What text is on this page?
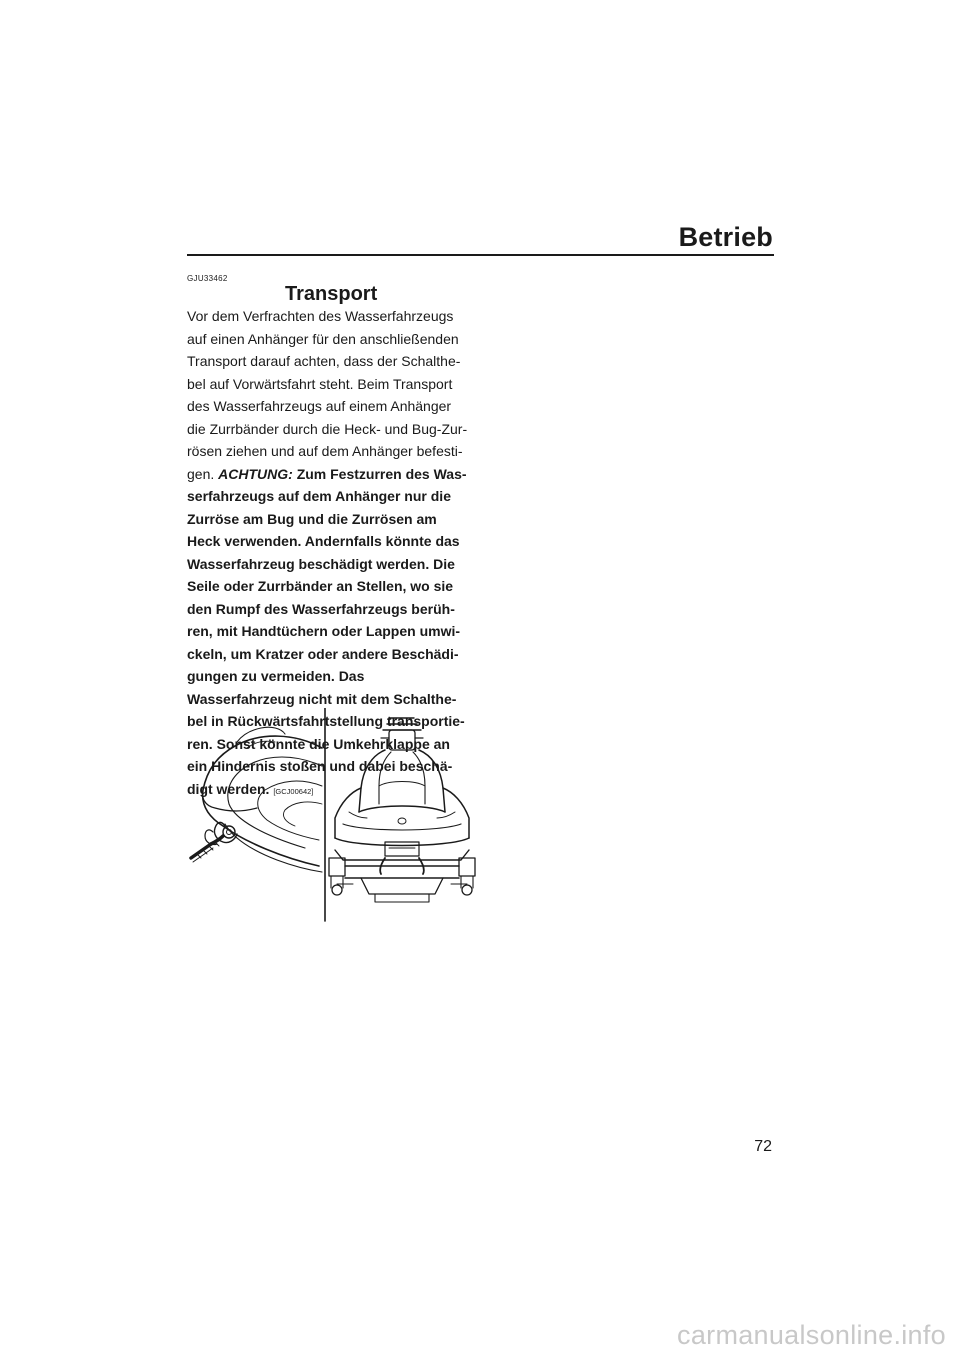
Betrieb
GJU33462
Transport
Vor dem Verfrachten des Wasserfahrzeugs
auf einen Anhänger für den anschließenden
Transport darauf achten, dass der Schalthe-
bel auf Vorwärtsfahrt steht. Beim Transport
des Wasserfahrzeugs auf einem Anhänger
die Zurrbänder durch die Heck- und Bug-Zur-
rösen ziehen und auf dem Anhänger befesti-
gen. ACHTUNG: Zum Festzurren des Was-
serfahrzeugs auf dem Anhänger nur die
Zurröse am Bug und die Zurrösen am
Heck verwenden. Andernfalls könnte das
Wasserfahrzeug beschädigt werden. Die
Seile oder Zurrbänder an Stellen, wo sie
den Rumpf des Wasserfahrzeugs berüh-
ren, mit Handtüchern oder Lappen umwi-
ckeln, um Kratzer oder andere Beschädi-
gungen zu vermeiden. Das
Wasserfahrzeug nicht mit dem Schalthe-
bel in Rückwärtsfahrtstellung transportie-
ren. Sonst könnte die Umkehrklappe an
ein Hindernis stoßen und dabei beschä-
digt werden. [GCJ00642]
72
carmanualsonline.info
